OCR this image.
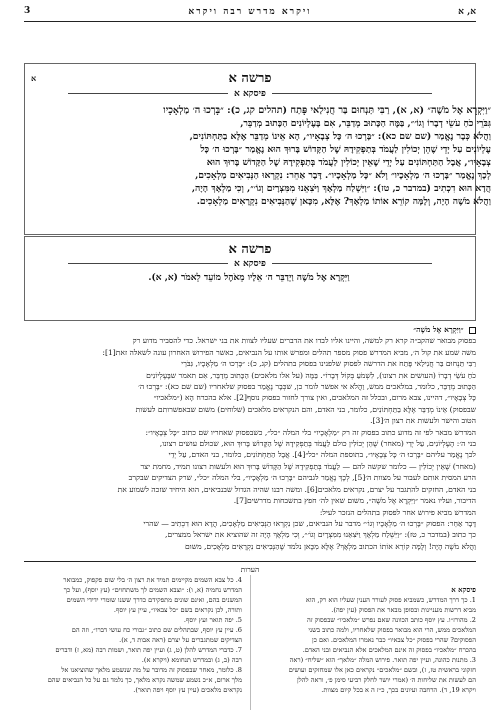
א, א
ויקרא מדרש רבה ויקרא
3
פרשה א
א
פיסקא א
״וַיִּקְרָא אֶל מֹשֶׁה״ (א, א), רַבִּי תַּנְחוּם בַּר חֲנִילַאי פָּתַח (תהלים קג, כ): ״בָּרְכוּ ה׳ מַלְאָכָיו
גִּבֹּרֵי כֹחַ עֹשֵׂי דְבָרוֹ וְגוֹ׳״, בַּמֶּה הַכָּתוּב מְדַבֵּר, אִם בָּעֶלְיוֹנִים הַכָּתוּב מְדַבֵּר,
וַהֲלֹא כְּבָר נֶאֱמַר (שם שם כא): ״בָּרְכוּ ה׳ כָּל צְבָאָיו״, הָא אֵינוֹ מְדַבֵּר אֶלָּא בַתַּחְתּוֹנִים,
עֶלְיוֹנִים עַל יְדֵי שֶׁהֵן יְכוֹלִין לַעֲמֹד בְּתַפְקִידָהּ שֶׁל הַקָּדוֹשׁ בָּרוּךְ הוּא נֶאֱמַר ״בָּרְכוּ ה׳ כָּל
צְבָאָיו״, אֲבָל הַתַּחְתּוֹנִים עַל יְדֵי שֶׁאֵין יְכוֹלִין לַעֲמֹד בְּתַפְקִידָהּ שֶׁל הַקָּדוֹשׁ בָּרוּךְ הוּא
לְכָךְ נֶאֱמַר ״בָּרְכוּ ה׳ מַלְאָכָיו״ וְלֹא ״כָּל מַלְאָכָיו״. דָּבָר אַחֵר: נִקְרְאוּ הַנְּבִיאִים מַלְאָכִים,
הֲדָא הוּא דִכְתִיב (במדבר כ, טז): ״וַיִּשְׁלַח מַלְאָךְ וַיֹּצִאֵנוּ מִמִּצְרָיִם וְגוֹ׳״, וְכִי מַלְאָךְ הָיָה,
וַהֲלֹא מֹשֶׁה הָיָה, וְלָמָּה קוֹרֵא אוֹתוֹ מַלְאָךְ? אֶלָּא, מִכָּאן שֶׁהַנְּבִיאִים נִקְרָאִים מַלְאָכִים.
פרשה א
פיסקא א
וַיִּקְרָא אֶל מֹשֶׁה וַיְדַבֵּר ה׳ אֵלָיו מֵאֹהֶל מוֹעֵד לֵאמֹר (א, א).
״וַיִּקְרָא אֶל מֹשֶׁה״
בפסוק מבואר שהקב״ה קרא רק למשה, והיינו אליו לבדו את הדברים שעליו לצוות את בני ישראל. כדי להסביר מדוע רק
משה שמע את קול ה׳, מביא המדרש פסוק מספר תהלים ומפרש אותו על הנביאים, כאשר הפירוש האחרון עונה לשאלה זאת[1]:
רַבִּי תַּנְחוּם בַּר חֲנִילַאי פָּתַח את הדרשה לפסוק שלפנינו בפסוק בתהלים (קג, כ): ״בָּרְכוּ ה׳ מַלְאָכָיו, גִּבֹּרֵי
כֹחַ עֹשֵׂי דְבָרוֹ (העושים את רצונו), לִשְׁמֹעַ בְּקוֹל דְּבָרוֹ״. בַּמֶּה (על אלו מלאכים) הַכָּתוּב מְדַבֵּר, אִם תאמר שבָּעֶלְיוֹנִים
הַכָּתוּב מְדַבֵּר, כלומר, במלאכים ממש, וַהֲלֹא אי אפשר לומר כן, שכְּבָר נֶאֱמַר בפסוק שלאחריו (שם שם כא): ״בָּרְכוּ ה׳
כָּל צְבָאָיו״, דהיינו, צבא מרום, ובכלל זה המלאכים, ואין צורך לחזור בפסוק נוסף[2]. אלא בהכרח הָא (״מלאכיו״
שבפסוק) אֵינוֹ מְדַבֵּר אֶלָּא בַתַּחְתּוֹנִים, כלומר, בני האדם, והם הנקראים מלאכים (שלוחים) משום שבאפשרותם לעשות
הטוב והישר ולעשות את רצון ה׳[3].
המדרש מבאר לפי זה מדוע כתוב בפסוק זה רק ״מַלְאָכָיו״ בלי המלה ״כל״, כשבפסוק שאחריו שם כתוב ״כָּל צְבָאָיו״:
בני ה׳: הָעֶלְיוֹנִים, עַל יְדֵי (מאחר) שֶׁהֵן יְכוֹלִין כולם לַעֲמֹד בְּתַפְקִידָהּ שֶׁל הַקָּדוֹשׁ בָּרוּךְ הוּא, שכולם עושים רצונו,
לכך נֶאֱמַר עליהם ״בָּרְכוּ ה׳ כָּל צְבָאָיו״, בתוספת המלה ״כל״[4]. אֲבָל הַתַּחְתּוֹנִים, כלומר, בני האדם, עַל יְדֵי
(מאחר) שֶׁאֵין יְכוֹלִין — כלומר שקשה להם — לַעֲמֹד בְּתַפְקִידָהּ שֶׁל הַקָּדוֹשׁ בָּרוּךְ הוּא ולעשות רצונו תמיד, מחמת יצר
הרע המסית אותם לעבור על מצוות ה׳[5], לְכָךְ נֶאֱמַר לגביהם ״בָּרְכוּ ה׳ מַלְאָכָיו״, בלי המלה ״כל״, שרק הצדיקים שבקרב
בני האדם, החזקים להתגבר על יצרם, נקראים מלאכים[6]. ומשה רבנו שהיה הגדול שבנביאים, הוא היחיד שזכה לשמוע את
הדיבור, ועליו נאמר ״וַיִּקְרָא אֶל מֹשֶׁה״, משום שאין לה׳ חפץ בתשבחות מדרשים[7].
המדרש מביא פירוש אחר לפסוק בתהלים הנזכר לעיל:
דָּבָר אַחֵר: הפסוק ״בָּרְכוּ ה׳ מַלְאָכָיו וְגוֹ׳״ מדבר על הנביאים, שכן נִקְרְאוּ הַנְּבִיאִים מַלְאָכִים, הֲדָא הוּא דִכְתִיב — שהרי
כך כתוב (במדבר כ, טז): ״וַיִּשְׁלַח מַלְאָךְ וַיֹּצִאֵנוּ מִמִּצְרָיִם וְגוֹ׳״, וְכִי מַלְאָךְ הָיָה זה שהוציא את ישראל ממצרים,
וַהֲלֹא מֹשֶׁה הָיָה! וְלָמָּה קוֹרֵא אוֹתוֹ הכתוב מַלְאָךְ? אֶלָּא מִכָּאן נלמד שֶׁהַנְּבִיאִים נִקְרָאִים מַלְאָכִים, משום
הערות
פיסקא א
1. כך דרך המדרש, כשמביא פסוק לעורר הענין שעליו הוא רק, הוא
מביא דרשות מעניינות ובסופן מבאר את הפסוק (עין יפה).
2. מהורז״ו. עץ יוסף כותב הכוונה שאם נפרש ״מלאכיו״ שבפסוק זה
המלאכים ממש, הרי הוא מבואר בפסוק שלאחריו, ולמה כתוב בשני
הפסוקים? שהרי בפסוק ״כל צבאיו״ כבר נאמרו המלאכים. ואם כן
בהכרח ״מלאכיו״ בפסוק זה אינם המלאכים אלא הנביאים ובני האדם.
3. מתנות כהונה, ועיין יפה תואר. פירוש המלה ״מלאך״ הוא ״שליח״ (ראה
חזקוני בראשית טז, ז), ובשם ״מלאכים״ נקראים כאן אלו שמחזקים ועושים
הם לעשות את שליחות ה׳ (אמרי יושר לחלק רביעי סימן פ׳, וראה להלן
ויקרא 19, ד). הרחבה ועיונים בכך, כ״ז ה א בכל קיום מצוות.
4. כל צבא השמים מקיימים תמיד את רצון ה׳ בלי שום פקפוק, כמבואר
המדרש נחמיה (א, ו): ״וצבא השמים לך משתחוים״ (עץ יוסף), ועל כך
המשנים בהם, ואינם שונים מתפקידם כדרך ששנו שומרי ידידי השמים
ותורה, לכן נקראים בשם ״כל צבאיו״, עיין עץ יוסף.
5. יפה תואר ועץ יוסף.
6. עיין עץ יוסף, שבתהלים שם כתוב ״גבורי כח עושי דברו״, וזה הם
הצדיקים שמתגברים על יצרם (ראה אבות ד, א).
7. כדברי המדרש להלן (ט, ג) ועיין יפה תואר, ושמות רבה (מא, ז) ודברים
רבה (ב, ג) ובמדרש תנחומא (ויקרא א).
8. כלומר, מאחר שבפסוק זה מדובר על מה שנשמע מלאך שהוציאנו אל
מלך ארום, א״כ נשמע שמשה נקרא מלאך, כך נלמד גם על כל הנביאים שהם
נקראים מלאכים (עיין עץ יוסף ויפה תואר).
